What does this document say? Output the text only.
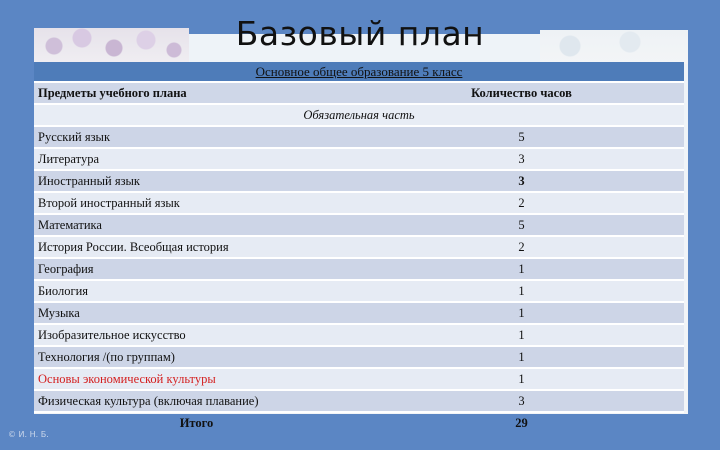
Базовый план
Основное общее образование 5 класс	
Предметы учебного плана	Количество часов
Обязательная часть	
Русский язык	5
Литература	3
Иностранный язык	3
Второй иностранный язык	2
Математика	5
История России. Всеобщая история	2
География	1
Биология	1
Музыка	1
Изобразительное искусство	1
Технология /(по группам)	1
Основы экономической культуры	1
Физическая культура (включая плавание)	3
Итого	29
© И. Н. Б.
